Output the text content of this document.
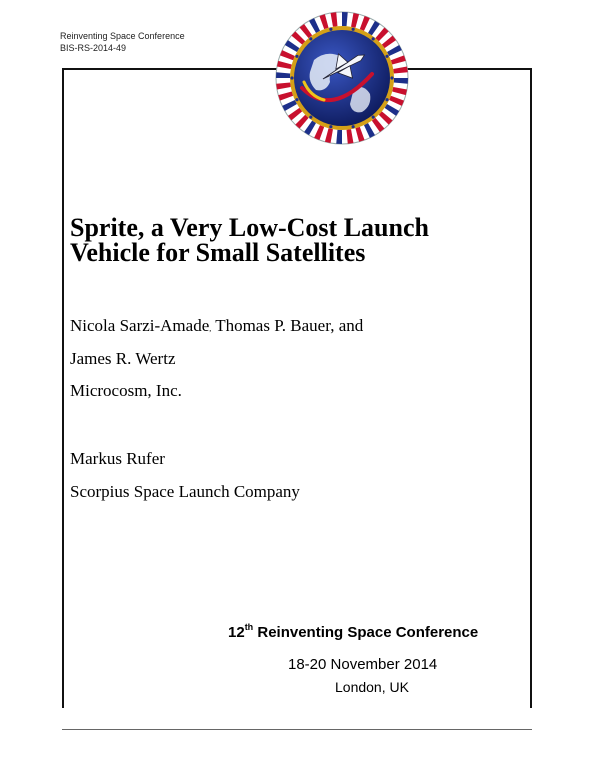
Reinventing Space Conference
BIS-RS-2014-49
Sprite, a Very Low-Cost Launch
Vehicle for Small Satellites
Nicola Sarzi-Amade, Thomas P. Bauer, and
James R. Wertz
Microcosm, Inc.
Markus Rufer
Scorpius Space Launch Company
12th Reinventing Space Conference
18-20 November 2014
London, UK
